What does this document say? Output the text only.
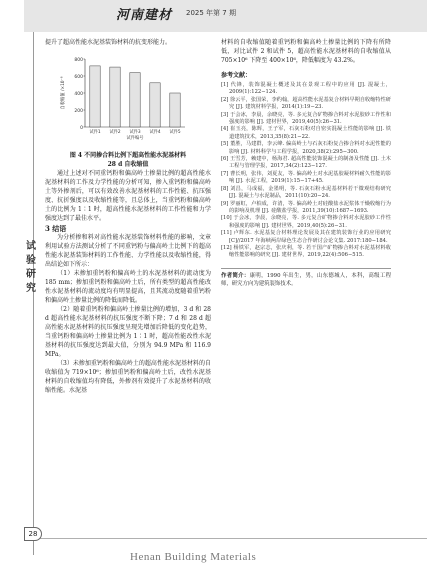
河南建材 2025 年第 7 期
试验研究

提升了超高性能水泥基装饰材料的抗变形能力。

0
200
400
600
800
试件1 试件2 试件3 试件4 试件5
试件编号
自收缩值 /×10⁻⁶
图 4 不同掺合料比例下超高性能水泥基材料
28 d 自收缩值

通过上述对不同重钙粉和偏高岭土掺量比例的超高性能水泥基材料的工作及力学性能的分析可知，掺入重钙粉和偏高岭土等外掺剂后，可以有效改善水泥基材料的工作性能、抗压强度、抗折强度以及收缩性能等，且总体上，当重钙粉和偏高岭土的比例为 1∶1 时，超高性能水泥基材料的工作性能和力学强度达到了最佳水平。

3 结语

为分析掺和料对高性能水泥基装饰材料性能的影响，文章利用试验方法测试分析了不同重钙粉与偏高岭土比例下的超高性能水泥基装饰材料的工作性能、力学性能以及收缩性能，得出结论如下所示：

（1）未掺加重钙粉和偏高岭土的水泥基材料的流动度为 185 mm；掺加重钙粉和偏高岭土后，所有类型的超高性能改性水泥基材料的流动度均有明显提高，且其流动度随着重钙粉和偏高岭土掺量比例的降低而降低。

（2）随着重钙粉和偏高岭土掺量比例的增加，3 d 和 28 d 超高性能水泥基材料的抗压强度不断下降；7 d 和 28 d 超高性能水泥基材料的抗压强度呈现先增加后降低的变化趋势，当重钙粉和偏高岭土掺量比例为 1∶1 时，超高性能改性水泥基材料的抗压强度达到最大值，分别为 94.9 MPa 和 116.9 MPa。

（3）未掺加重钙粉和偏高岭土的超高性能水泥基材料的自收缩值为 719×10⁶；掺加重钙粉和偏高岭土后，改性水泥基材料的自收缩值均有降低，外掺剂有效提升了水泥基材料的收缩性能。水泥基

材料的自收缩值随着重钙粉和偏高岭土掺量比例的下降有所降低，对比试件 2 和试件 5，超高性能水泥基材料的自收缩值从 705×10⁶ 下降至 400×10⁶，降低幅度为 43.2%。

参考文献：
[1] 代锋，装饰混凝土概述及其在景观工程中的应用 [J]. 混凝土，2009(1):122−124.
[2] 徐云平，张国荣，李约翰，超高性能水泥基复合材料早期自收缩特性研究 [J]. 建筑材料学报，2014(1):19−23.
[3] 于会冰，李晨，余晓亮，等. 多元复合矿物掺合料对水泥胶砂工作性和强度的影响 [J]. 建材世界，2019,40(5):26−31.
[4] 崔玉亮，陈辉，王子军，石灰石粉对自密实混凝土性能的影响 [J]. 铁道建筑技术，2013,35(8):21−22.
[5] 董胜，马建群，李云峰. 偏高岭土与石灰石粉复合掺合料对水泥性能的影响 [J]. 材料科学与工程学报，2020,38(2):295−300.
[6] 王雪芳，赖建中，杨海君. 超高性能装饰混凝土的制备及性能 [J]. 土木工程与管理学报，2017,34(2):123−127.
[7] 曹长明，张伟，刘夏友，等. 偏高岭土对水泥基胶凝材料耐久性能的影响 [J]. 水泥工程，2019(1):15−17+45.
[8] 刘昌，马成福，金墨明，等. 石灰石粉水泥基材料若干微观结构研究 [J]. 混凝土与水泥制品，2011(10):20−24.
[9] 罗丽虹，卢柏成，许清，等. 偏高岭土对硅酸盐水泥浆体干燥收缩行为的影响及机理 [J]. 硅酸盐学报，2011,39(10):1687−1693.
[10] 于会冰，李晨，余晓亮，等. 多元复合矿物掺合料对水泥胶砂工作性和强度的影响 [J]. 建材世界，2019,40(5):26−31.
[11] 卢辉东. 水泥基复合材料理论发展及其在建筑装饰行业的应用研究 [C]//2017 年海峡两岸绿色生态合作研讨会论文集. 2017:180−184.
[12] 杨铁军，赵宗志，张庆利，等. 若干国产矿物掺合料对水泥基材料收缩性能影响的研究 [J]. 建材世界，2019,22(4):506−515.
作者简介：康明，1990 年出生，男，山东德城人，本科，高级工程师，研究方向为建筑装饰技术。
28
Henan Building Materials
